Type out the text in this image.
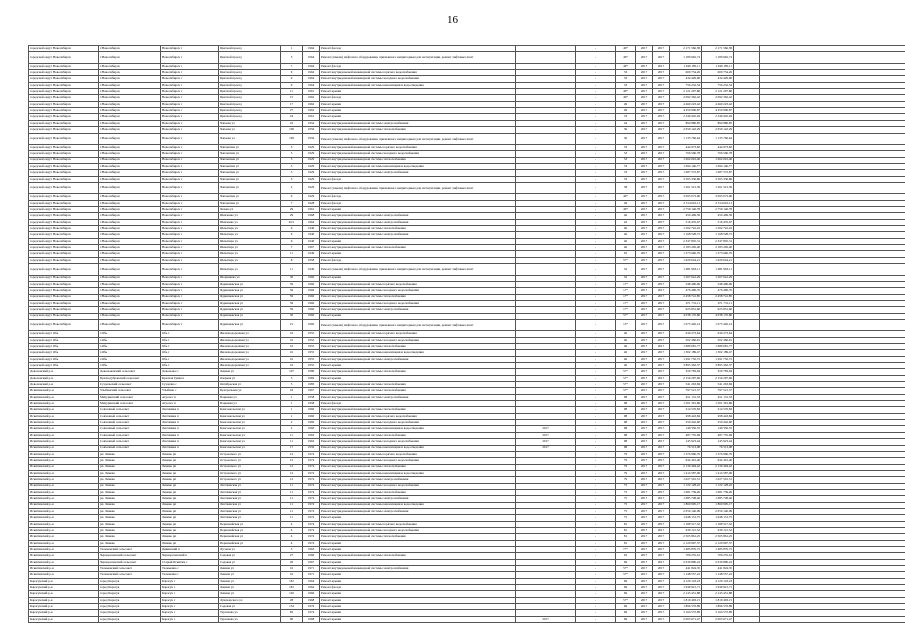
16
городской округ Новосибирск	г.Новосибирск	Новосибирск г	Цветной проезд	1	1964	Ремонт фасада		-	49*	2017	2017	2 171 566,58	2 171 566,58		
городской округ Новосибирск	г.Новосибирск	Новосибирск г	Цветной проезд	3	1964	Ремонт (замена) лифтового оборудования, признанного непригодным для эксплуатации, ремонт лифтовых шахт		-	49*	2017	2017	1 180 962,74	1 180 962,74		
городской округ Новосибирск	г.Новосибирск	Новосибирск г	Цветной проезд	7	1964	Ремонт фасада		-	49*	2017	2017	1 649 185,11	1 649 185,11		
городской округ Новосибирск	г.Новосибирск	Новосибирск г	Цветной проезд	9	1964	Ремонт внутридомовой инженерной системы горячего водоснабжения		-	33	2017	2017	600 754,26	600 754,26		
городской округ Новосибирск	г.Новосибирск	Новосибирск г	Цветной проезд	9	1964	Ремонт внутридомовой инженерной системы холодного водоснабжения		-	33	2017	2017	434 429,96	434 429,96		
городской округ Новосибирск	г.Новосибирск	Новосибирск г	Цветной проезд	9	1964	Ремонт внутридомовой инженерной системы канализации и водоотведения		-	33	2017	2017	756 252,34	756 252,34		
городской округ Новосибирск	г.Новосибирск	Новосибирск г	Цветной проезд	11	1961	Ремонт крыши		-	49*	2017	2017	2 121 297,80	2 121 297,80		
городской округ Новосибирск	г.Новосибирск	Новосибирск г	Цветной проезд	15	1962	Ремонт фасада		-	49*	2017	2017	2 092 362,42	2 092 362,42		
городской округ Новосибирск	г.Новосибирск	Новосибирск г	Цветной проезд	17	1962	Ремонт крыши		-	49	2017	2017	4 460 223,42	4 460 223,42		
городской округ Новосибирск	г.Новосибирск	Новосибирск г	Цветной проезд	27	1962	Ремонт крыши		-	49	2017	2017	4 450 906,87	4 450 906,87		
городской округ Новосибирск	г.Новосибирск	Новосибирск г	Цветной проезд	24	1961	Ремонт крыши		-	33	2017	2017	2 349 445,04	2 349 445,04		
городской округ Новосибирск	г.Новосибирск	Новосибирск г	Чапаева ул	22	1954	Ремонт внутридомовой инженерной системы электроснабжения		-	44	2017	2017	890 880,85	890 880,85		
городской округ Новосибирск	г.Новосибирск	Новосибирск г	Чапаева ул	109	1956	Ремонт внутридомовой инженерной системы теплоснабжения		-	36	2017	2017	2 059 142,29	2 059 142,29		
городской округ Новосибирск	г.Новосибирск	Новосибирск г	Чапаева ул	109	1956	Ремонт (замена) лифтового оборудования, признанного непригодным для эксплуатации, ремонт лифтовых шахт		-	36	2017	2017	1 135 766,64	1 135 766,64		
городской округ Новосибирск	г.Новосибирск	Новосибирск г	Чаплыгина ул	5	1929	Ремонт внутридомовой инженерной системы горячего водоснабжения		-	33	2017	2017	444 973,82	444 973,82		
городской округ Новосибирск	г.Новосибирск	Новосибирск г	Чаплыгина ул	5	1929	Ремонт внутридомовой инженерной системы холодного водоснабжения		-	33	2017	2017	766 560,78	766 560,78		
городской округ Новосибирск	г.Новосибирск	Новосибирск г	Чаплыгина ул	5	1929	Ремонт внутридомовой инженерной системы теплоснабжения		-	33	2017	2017	1 062 691,40	1 062 691,40		
городской округ Новосибирск	г.Новосибирск	Новосибирск г	Чаплыгина ул	5	1929	Ремонт внутридомовой инженерной системы канализации и водоотведения		-	33	2017	2017	1 094 146,77	1 094 146,77		
городской округ Новосибирск	г.Новосибирск	Новосибирск г	Чаплыгина ул	5	1929	Ремонт внутридомовой инженерной системы электроснабжения		-	33	2017	2017	1 687 572,87	1 687 572,87		
городской округ Новосибирск	г.Новосибирск	Новосибирск г	Чаплыгина ул	5	1929	Ремонт фасада		-	33	2017	2017	3 565 336,86	3 565 336,86		
городской округ Новосибирск	г.Новосибирск	Новосибирск г	Чаплыгина ул	2	1929	Ремонт (замена) лифтового оборудования, признанного непригодным для эксплуатации, ремонт лифтовых шахт		-	38	2017	2017	1 261 521,39	1 261 521,39		
городской округ Новосибирск	г.Новосибирск	Новосибирск г	Чаплыгина ул	9	1929	Ремонт фасада		-	49*	2017	2017	3 095 073,96	3 095 073,96		
городской округ Новосибирск	г.Новосибирск	Новосибирск г	Чаплыгина ул	7	1928	Ремонт фасада		-	49	2017	2017	2 314 610,11	2 314 610,11		
городской округ Новосибирск	г.Новосибирск	Новосибирск г	Чехова ул	29	1961	Ремонт крыши		-	49*	2017	2017	2 759 146,78	2 759 146,78		
городской округ Новосибирск	г.Новосибирск	Новосибирск г	Шевченко ул	29	1968	Ремонт внутридомовой инженерной системы электроснабжения		-	46	2017	2017	450 469,59	450 469,59		
городской округ Новосибирск	г.Новосибирск	Новосибирск г	Шевченко ул	26/1	1964	Ремонт внутридомовой инженерной системы электроснабжения		-	42	2017	2017	516 476,67	516 476,67		
городской округ Новосибирск	г.Новосибирск	Новосибирск г	Шекспира ул	6	1940	Ремонт внутридомовой инженерной системы теплоснабжения		-	46	2017	2017	1 562 722,22	1 562 722,22		
городской округ Новосибирск	г.Новосибирск	Новосибирск г	Шекспира ул	6	1940	Ремонт внутридомовой инженерной системы электроснабжения		-	46	2017	2017	1 168 528,72	1 168 528,72		
городской округ Новосибирск	г.Новосибирск	Новосибирск г	Шекспира ул	6	1940	Ремонт крыши		-	46	2017	2017	2 347 845,31	2 347 845,31		
городской округ Новосибирск	г.Новосибирск	Новосибирск г	Шекспира ул	7	1967	Ремонт внутридомовой инженерной системы теплоснабжения		-	46	2017	2017	2 183 292,40	2 183 292,40		
городской округ Новосибирск	г.Новосибирск	Новосибирск г	Шекспира ул	11	1949	Ремонт крыши		-	65	2017	2017	1 373 660,76	1 373 660,76		
городской округ Новосибирск	г.Новосибирск	Новосибирск г	Шекспира ул	8	1958	Ремонт фасада		-	57*	2017	2017	1 620 624,21	1 620 624,21		
городской округ Новосибирск	г.Новосибирск	Новосибирск г	Шекспира ул	11	1949	Ремонт (замена) лифтового оборудования, признанного непригодным для эксплуатации, ремонт лифтовых шахт		-	32	2017	2017	1 081 963,11	1 081 963,11		
городской округ Новосибирск	г.Новосибирск	Новосибирск г	Шорникова ул	30	1960	Ремонт крыши		-	32	2017	2017	1 567 641,29	1 567 641,29		
городской округ Новосибирск	г.Новосибирск	Новосибирск г	Ядринцевская ул	59	1960	Ремонт внутридомовой инженерной системы горячего водоснабжения		-	17*	2017	2017	548 490,96	548 490,96		
городской округ Новосибирск	г.Новосибирск	Новосибирск г	Ядринцевская ул	59	1960	Ремонт внутридомовой инженерной системы холодного водоснабжения		-	17*	2017	2017	476 496,76	476 496,76		
городской округ Новосибирск	г.Новосибирск	Новосибирск г	Ядринцевская ул	59	1960	Ремонт внутридомовой инженерной системы теплоснабжения		-	17*	2017	2017	2 458 741,85	2 458 741,85		
городской округ Новосибирск	г.Новосибирск	Новосибирск г	Ядринцевская ул	59	1960	Ремонт внутридомовой инженерной системы холодного водоснабжения		-	17*	2017	2017	671 731,11	671 731,11		
городской округ Новосибирск	г.Новосибирск	Новосибирск г	Ядринцевская ул	59	1960	Ремонт внутридомовой инженерной системы электроснабжения		-	17*	2017	2017	925 831,60	925 831,60		
городской округ Новосибирск	г.Новосибирск	Новосибирск г	Ядринцевская ул	30	1960	Ремонт крыши		-	57*	2017	2017	4 038 176,80	4 038 176,80		
городской округ Новосибирск	г.Новосибирск	Новосибирск г	Ядринцевская ул	21	1960	Ремонт (замена) лифтового оборудования, признанного непригодным для эксплуатации, ремонт лифтовых шахт		-	15*	2017	2017	1 075 402,14	1 075 402,14		
городской округ Обь	г.Обь	Обь г	Железнодорожная ул	16	1955	Ремонт внутридомовой инженерной системы горячего водоснабжения		-	46	2017	2017	630 273,64	630 273,64		
городской округ Обь	г.Обь	Обь г	Железнодорожная ул	16	1955	Ремонт внутридомовой инженерной системы холодного водоснабжения		-	46	2017	2017	502 366,91	502 366,91		
городской округ Обь	г.Обь	Обь г	Железнодорожная ул	16	1955	Ремонт внутридомовой инженерной системы теплоснабжения		-	46	2017	2017	1 689 681,77	1 689 681,77		
городской округ Обь	г.Обь	Обь г	Железнодорожная ул	16	1955	Ремонт внутридомовой инженерной системы канализации и водоотведения		-	46	2017	2017	1 302 189,47	1 302 189,47		
городской округ Обь	г.Обь	Обь г	Железнодорожная ул	16	1955	Ремонт внутридомовой инженерной системы электроснабжения		-	46	2017	2017	1 291 732,72	1 291 732,72		
городской округ Обь	г.Обь	Обь г	Железнодорожная ул	16	1955	Ремонт крыши		-	46	2017	2017	3 895 362,37	3 895 362,37		
Доволенский р-н	Довольненский сельсовет	Довольное с	Ленина ул	107	1989	Ремонт внутридомовой инженерной системы теплоснабжения		-	57*	2017	2017	320 783,94	320 783,94		
Доволенский р-н	Краснодубравский сельсовет	Красная Грива п	Озерная ул	5	1982	Ремонт крыши		-	57*	2017	2017	2 156 297,69	2 156 297,69		
Доволенский р-н	Суздальский сельсовет	Суздалка с	Октябрьская ул	3	1983	Ремонт внутридомовой инженерной системы теплоснабжения		-	57*	2017	2017	541 263,84	541 263,84		
Искитимский р-н	Улыбинский сельсовет	Улыбино с	Центральная ул	18	1967	Ремонт внутридомовой инженерной системы теплоснабжения		-	57*	2017	2017	797 521,37	797 521,37		
Искитимский р-н	Мичуринский сельсовет	Агролес п	Парковая ул	1	1958	Ремонт внутридомовой инженерной системы электроснабжения		-	98	2017	2017	451 131,33	451 131,33		
Искитимский р-н	Мичуринский сельсовет	Агролес п	Парковая ул	1	1958	Ремонт фасада		-	98	2017	2017	1 561 391,86	1 561 391,86		
Искитимский р-н	Совхозный сельсовет	Листвянка п	Комсомольская ул	1	1960	Ремонт внутридомовой инженерной системы теплоснабжения		-	98	2017	2017	314 576,83	314 576,83		
Искитимский р-н	Совхозный сельсовет	Листвянка п	Комсомольская ул	1	1960	Ремонт внутридомовой инженерной системы горячего водоснабжения		-	98	2017	2017	298 443,84	298 443,84		
Искитимский р-н	Совхозный сельсовет	Листвянка п	Комсомольская ул	2	1960	Ремонт внутридомовой инженерной системы холодного водоснабжения		-	98	2017	2017	259 442,60	259 442,60		
Искитимский р-н	Совхозный сельсовет	Листвянка п	Комсомольская ул	2	1960	Ремонт внутридомовой инженерной системы канализации и водоотведения	2017	-	98	2017	2017	149 356,55	149 356,55		
Искитимский р-н	Совхозный сельсовет	Листвянка п	Комсомольская ул	11	1962	Ремонт внутридомовой инженерной системы теплоснабжения	2017	-	98	2017	2017	487 755,69	487 755,69		
Искитимский р-н	Совхозный сельсовет	Листвянка п	Комсомольская ул	11	1962	Ремонт внутридомовой инженерной системы холодного водоснабжения	2017	-	98	2017	2017	145 923,44	145 923,44		
Искитимский р-н	Совхозный сельсовет	Листвянка п	Комсомольская ул	17	1959	Ремонт внутридомовой инженерной системы канализации и водоотведения	2017	-	98	2017	2017	76 513,08	76 513,08		
Искитимский р-н	рп. Линево	Линево рп	Островского ул	12	1974	Ремонт внутридомовой инженерной системы горячего водоснабжения		-	79	2017	2017	1 376 966,76	1 376 966,76		
Искитимский р-н	рп. Линево	Линево рп	Островского ул	12	1974	Ремонт внутридомовой инженерной системы холодного водоснабжения		-	79	2017	2017	942 401,46	942 401,46		
Искитимский р-н	рп. Линево	Линево рп	Островского ул	12	1974	Ремонт внутридомовой инженерной системы теплоснабжения		-	79	2017	2017	2 130 494,42	2 130 494,42		
Искитимский р-н	рп. Линево	Линево рп	Островского ул	12	1974	Ремонт внутридомовой инженерной системы канализации и водоотведения		-	79	2017	2017	1 414 587,06	1 414 587,06		
Искитимский р-н	рп. Линево	Линево рп	Островского ул	12	1974	Ремонт внутридомовой инженерной системы электроснабжения		-	79	2017	2017	1 027 501,51	1 027 501,51		
Искитимский р-н	рп. Линево	Линево рп	Листвянская ул	11	1974	Ремонт внутридомовой инженерной системы холодного водоснабжения		-	75	2017	2017	1 122 128,22	1 122 128,22		
Искитимский р-н	рп. Линево	Линево рп	Листвянская ул	11	1974	Ремонт внутридомовой инженерной системы теплоснабжения		-	75	2017	2017	1 081 739,26	1 081 739,26		
Искитимский р-н	рп. Линево	Линево рп	Листвянская ул	11	1974	Ремонт внутридомовой инженерной системы электроснабжения		-	75	2017	2017	1 085 748,46	1 085 748,46		
Искитимский р-н	рп. Линево	Линево рп	Листвянская ул	11	1974	Ремонт внутридомовой инженерной системы канализации и водоотведения		-	75	2017	2017	1 860 995,17	1 860 995,17		
Искитимский р-н	рп. Линево	Линево рп	Листвянская ул	11	1974	Ремонт внутридомовой инженерной системы электроснабжения		-	75	2017	2017	2 050 146,09	2 050 146,09		
Искитимский р-н	рп. Линево	Линево рп	Листвянская ул	11	1974	Ремонт крыши		-	75	2017	2017	1 948 131,75	1 948 131,75		
Искитимский р-н	рп. Линево	Линево рп	Первомайская ул	4	1974	Ремонт внутридомовой инженерной системы горячего водоснабжения		-	81	2017	2017	1 189 517,32	1 189 517,32		
Искитимский р-н	рп. Линево	Линево рп	Первомайская ул	4	1974	Ремонт внутридомовой инженерной системы холодного водоснабжения		-	81	2017	2017	639 121,52	639 121,52		
Искитимский р-н	рп. Линево	Линево рп	Первомайская ул	4	1974	Ремонт внутридомовой инженерной системы теплоснабжения		-	81	2017	2017	2 565 861,25	2 565 861,25		
Искитимский р-н	рп. Линево	Линево рп	Первомайская ул	4	1974	Ремонт крыши		-	81	2017	2017	2 120 997,37	2 120 997,37		
Искитимский р-н	Тальменский сельсовет	Дивинский п	Луговая ул	3	1963	Ремонт крыши		-	77*	2017	2017	1 485 876,72	1 485 876,72		
Искитимский р-н	Чернореченский сельсовет	Чернореченский п	Садовая ул	27	1969	Ремонт внутридомовой инженерной системы теплоснабжения		-	65	2017	2017	760 255,61	760 255,61		
Искитимский р-н	Чернореченский сельсовет	Старый Искитим с	Садовая ул	26	1967	Ремонт крыши		-	69	2017	2017	2 630 896,24	2 630 896,24		
Искитимский р-н	Тальменский сельсовет	Тальменка с	Ленина ул	16	1971	Ремонт внутридомовой инженерной системы электроснабжения		-	57*	2017	2017	441 824,35	441 824,35		
Искитимский р-н	Тальменский сельсовет	Тальменка с	Ленина ул	16	1971	Ремонт крыши		-	57*	2017	2017	1 148 557,22	1 148 557,22		
Карасукский р-н	город Карасук	Карасук г	Ленина ул	181	1964	Ремонт крыши		-	69	2017	2017	4 120 143,23	4 120 143,23		
Карасукский р-н	город Карасук	Карасук г	Ленина ул	181	1964	Ремонт фасада		-	69	2017	2017	1 949 921,71	1 949 921,71		
Карасукский р-н	город Карасук	Карасук г	Ленина ул	192	1966	Ремонт крыши		-	69	2017	2017	2 143 451,88	2 143 451,88		
Карасукский р-н	город Карасук	Карасук г	Луначарского ул	28	1968	Ремонт крыши		-	57*	2017	2017	1 819 493,15	1 819 493,15		
Карасукский р-н	город Карасук	Карасук г	Садовая ул	154	1976	Ремонт крыши		-	69	2017	2017	1 896 576,89	1 896 576,89		
Карасукский р-н	город Карасук	Карасук г	Тургенева ул	82	1974	Ремонт крыши		-	69	2017	2017	3 164 572,89	3 164 572,89		
Карасукский р-н	город Карасук	Карасук г	Тургенева ул	90	1968	Ремонт крыши	2017	-	69	2017	2017	2 003 671,47	2 003 671,47		
